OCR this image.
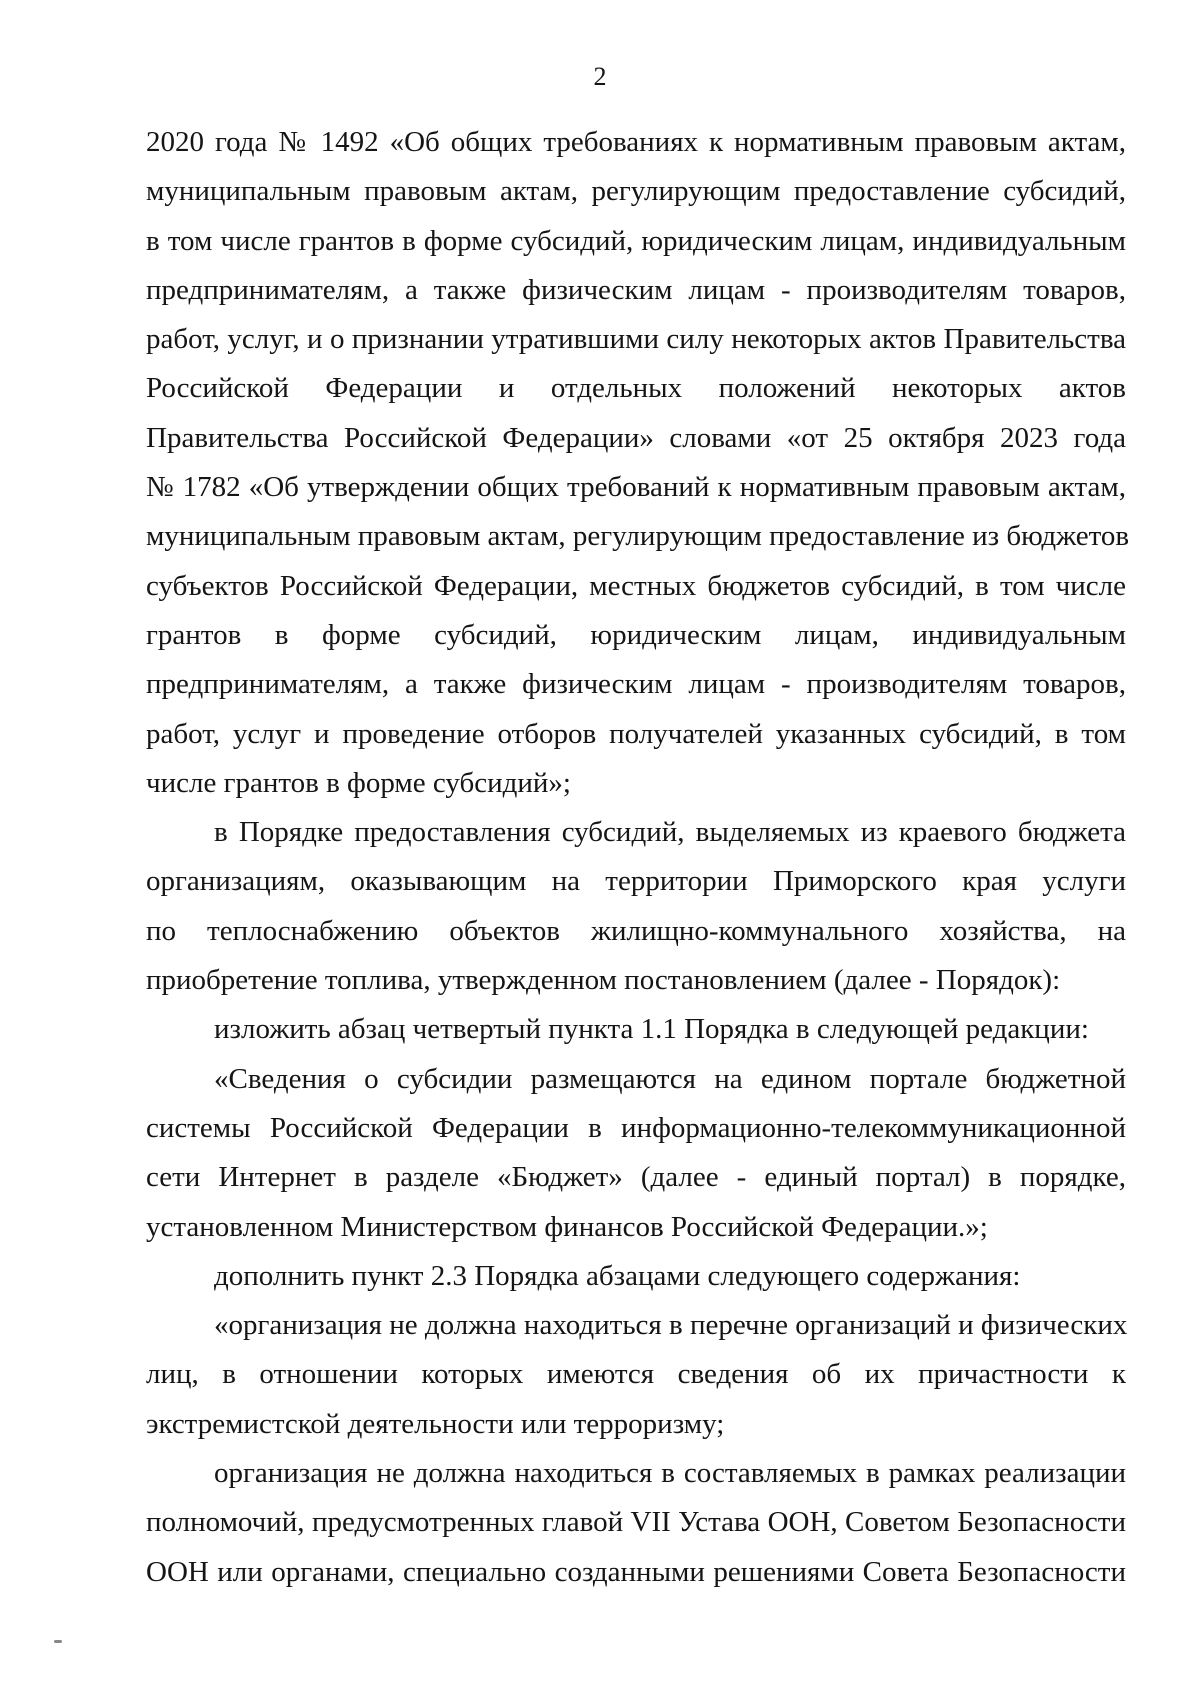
2
2020 года № 1492 «Об общих требованиях к нормативным правовым актам,
муниципальным правовым актам, регулирующим предоставление субсидий,
в том числе грантов в форме субсидий, юридическим лицам, индивидуальным
предпринимателям, а также физическим лицам - производителям товаров,
работ, услуг, и о признании утратившими силу некоторых актов Правительства
Российской Федерации и отдельных положений некоторых актов
Правительства Российской Федерации» словами «от 25 октября 2023 года
№ 1782 «Об утверждении общих требований к нормативным правовым актам,
муниципальным правовым актам, регулирующим предоставление из бюджетов
субъектов Российской Федерации, местных бюджетов субсидий, в том числе
грантов в форме субсидий, юридическим лицам, индивидуальным
предпринимателям, а также физическим лицам - производителям товаров,
работ, услуг и проведение отборов получателей указанных субсидий, в том
числе грантов в форме субсидий»;
в Порядке предоставления субсидий, выделяемых из краевого бюджета
организациям, оказывающим на территории Приморского края услуги
по теплоснабжению объектов жилищно-коммунального хозяйства, на
приобретение топлива, утвержденном постановлением (далее - Порядок):
изложить абзац четвертый пункта 1.1 Порядка в следующей редакции:
«Сведения о субсидии размещаются на едином портале бюджетной
системы Российской Федерации в информационно-телекоммуникационной
сети Интернет в разделе «Бюджет» (далее - единый портал) в порядке,
установленном Министерством финансов Российской Федерации.»;
дополнить пункт 2.3 Порядка абзацами следующего содержания:
«организация не должна находиться в перечне организаций и физических
лиц, в отношении которых имеются сведения об их причастности к
экстремистской деятельности или терроризму;
организация не должна находиться в составляемых в рамках реализации
полномочий, предусмотренных главой VII Устава ООН, Советом Безопасности
ООН или органами, специально созданными решениями Совета Безопасности
